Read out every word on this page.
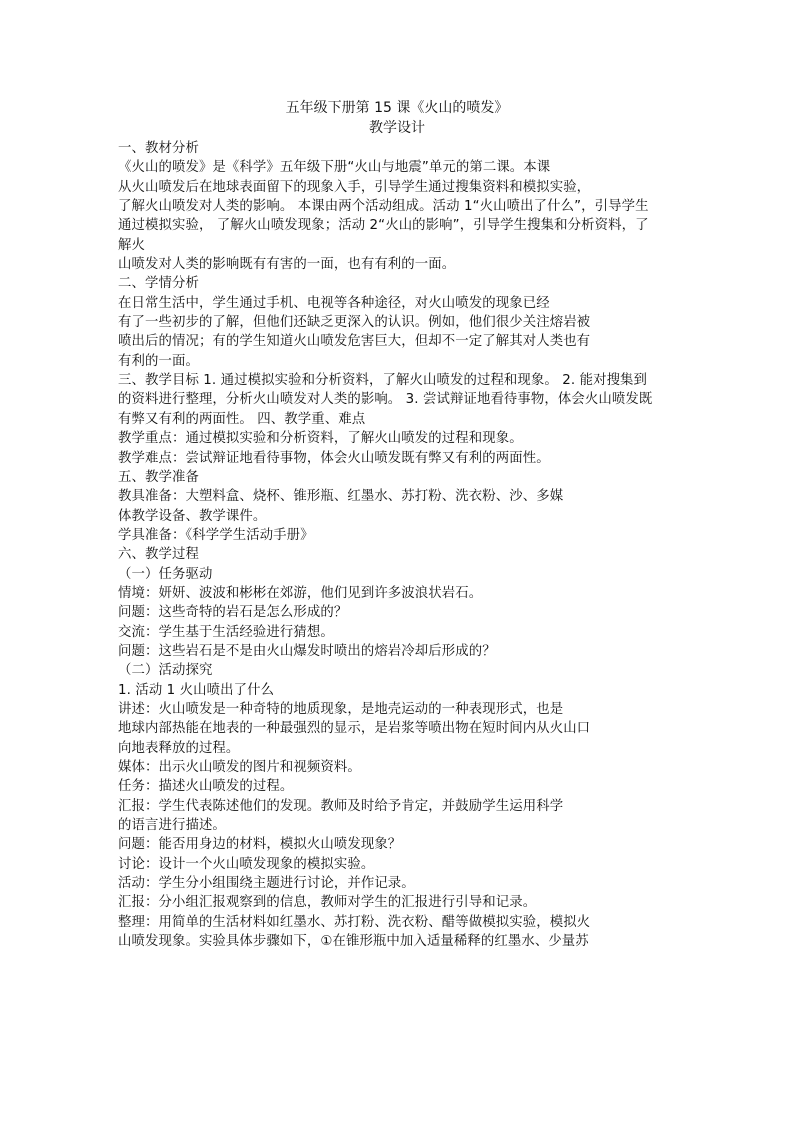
五年级下册第 15 课《火山的喷发》
教学设计
一、教材分析
《火山的喷发》是《科学》五年级下册“火山与地震”单元的第二课。本课
从火山喷发后在地球表面留下的现象入手，引导学生通过搜集资料和模拟实验，
了解火山喷发对人类的影响。 本课由两个活动组成。活动 1“火山喷出了什么”，引导学生
通过模拟实验， 了解火山喷发现象；活动 2“火山的影响”，引导学生搜集和分析资料，了
解火
山喷发对人类的影响既有有害的一面，也有有利的一面。
二、学情分析
在日常生活中，学生通过手机、电视等各种途径，对火山喷发的现象已经
有了一些初步的了解，但他们还缺乏更深入的认识。例如，他们很少关注熔岩被
喷出后的情况；有的学生知道火山喷发危害巨大，但却不一定了解其对人类也有
有利的一面。
三、教学目标 1. 通过模拟实验和分析资料，了解火山喷发的过程和现象。 2. 能对搜集到
的资料进行整理，分析火山喷发对人类的影响。 3. 尝试辩证地看待事物，体会火山喷发既
有弊又有利的两面性。 四、教学重、难点
教学重点：通过模拟实验和分析资料，了解火山喷发的过程和现象。
教学难点：尝试辩证地看待事物，体会火山喷发既有弊又有利的两面性。
五、教学准备
教具准备：大塑料盒、烧杯、锥形瓶、红墨水、苏打粉、洗衣粉、沙、多媒
体教学设备、教学课件。
学具准备：《科学学生活动手册》
六、教学过程
（一）任务驱动
情境：妍妍、波波和彬彬在郊游，他们见到许多波浪状岩石。
问题：这些奇特的岩石是怎么形成的？
交流：学生基于生活经验进行猜想。
问题：这些岩石是不是由火山爆发时喷出的熔岩冷却后形成的？
（二）活动探究
1. 活动 1 火山喷出了什么
讲述：火山喷发是一种奇特的地质现象，是地壳运动的一种表现形式，也是
地球内部热能在地表的一种最强烈的显示，是岩浆等喷出物在短时间内从火山口
向地表释放的过程。
媒体：出示火山喷发的图片和视频资料。
任务：描述火山喷发的过程。
汇报：学生代表陈述他们的发现。教师及时给予肯定，并鼓励学生运用科学
的语言进行描述。
问题：能否用身边的材料，模拟火山喷发现象？
讨论：设计一个火山喷发现象的模拟实验。
活动：学生分小组围绕主题进行讨论，并作记录。
汇报：分小组汇报观察到的信息，教师对学生的汇报进行引导和记录。
整理：用简单的生活材料如红墨水、苏打粉、洗衣粉、醋等做模拟实验，模拟火
山喷发现象。实验具体步骤如下，①在锥形瓶中加入适量稀释的红墨水、少量苏
